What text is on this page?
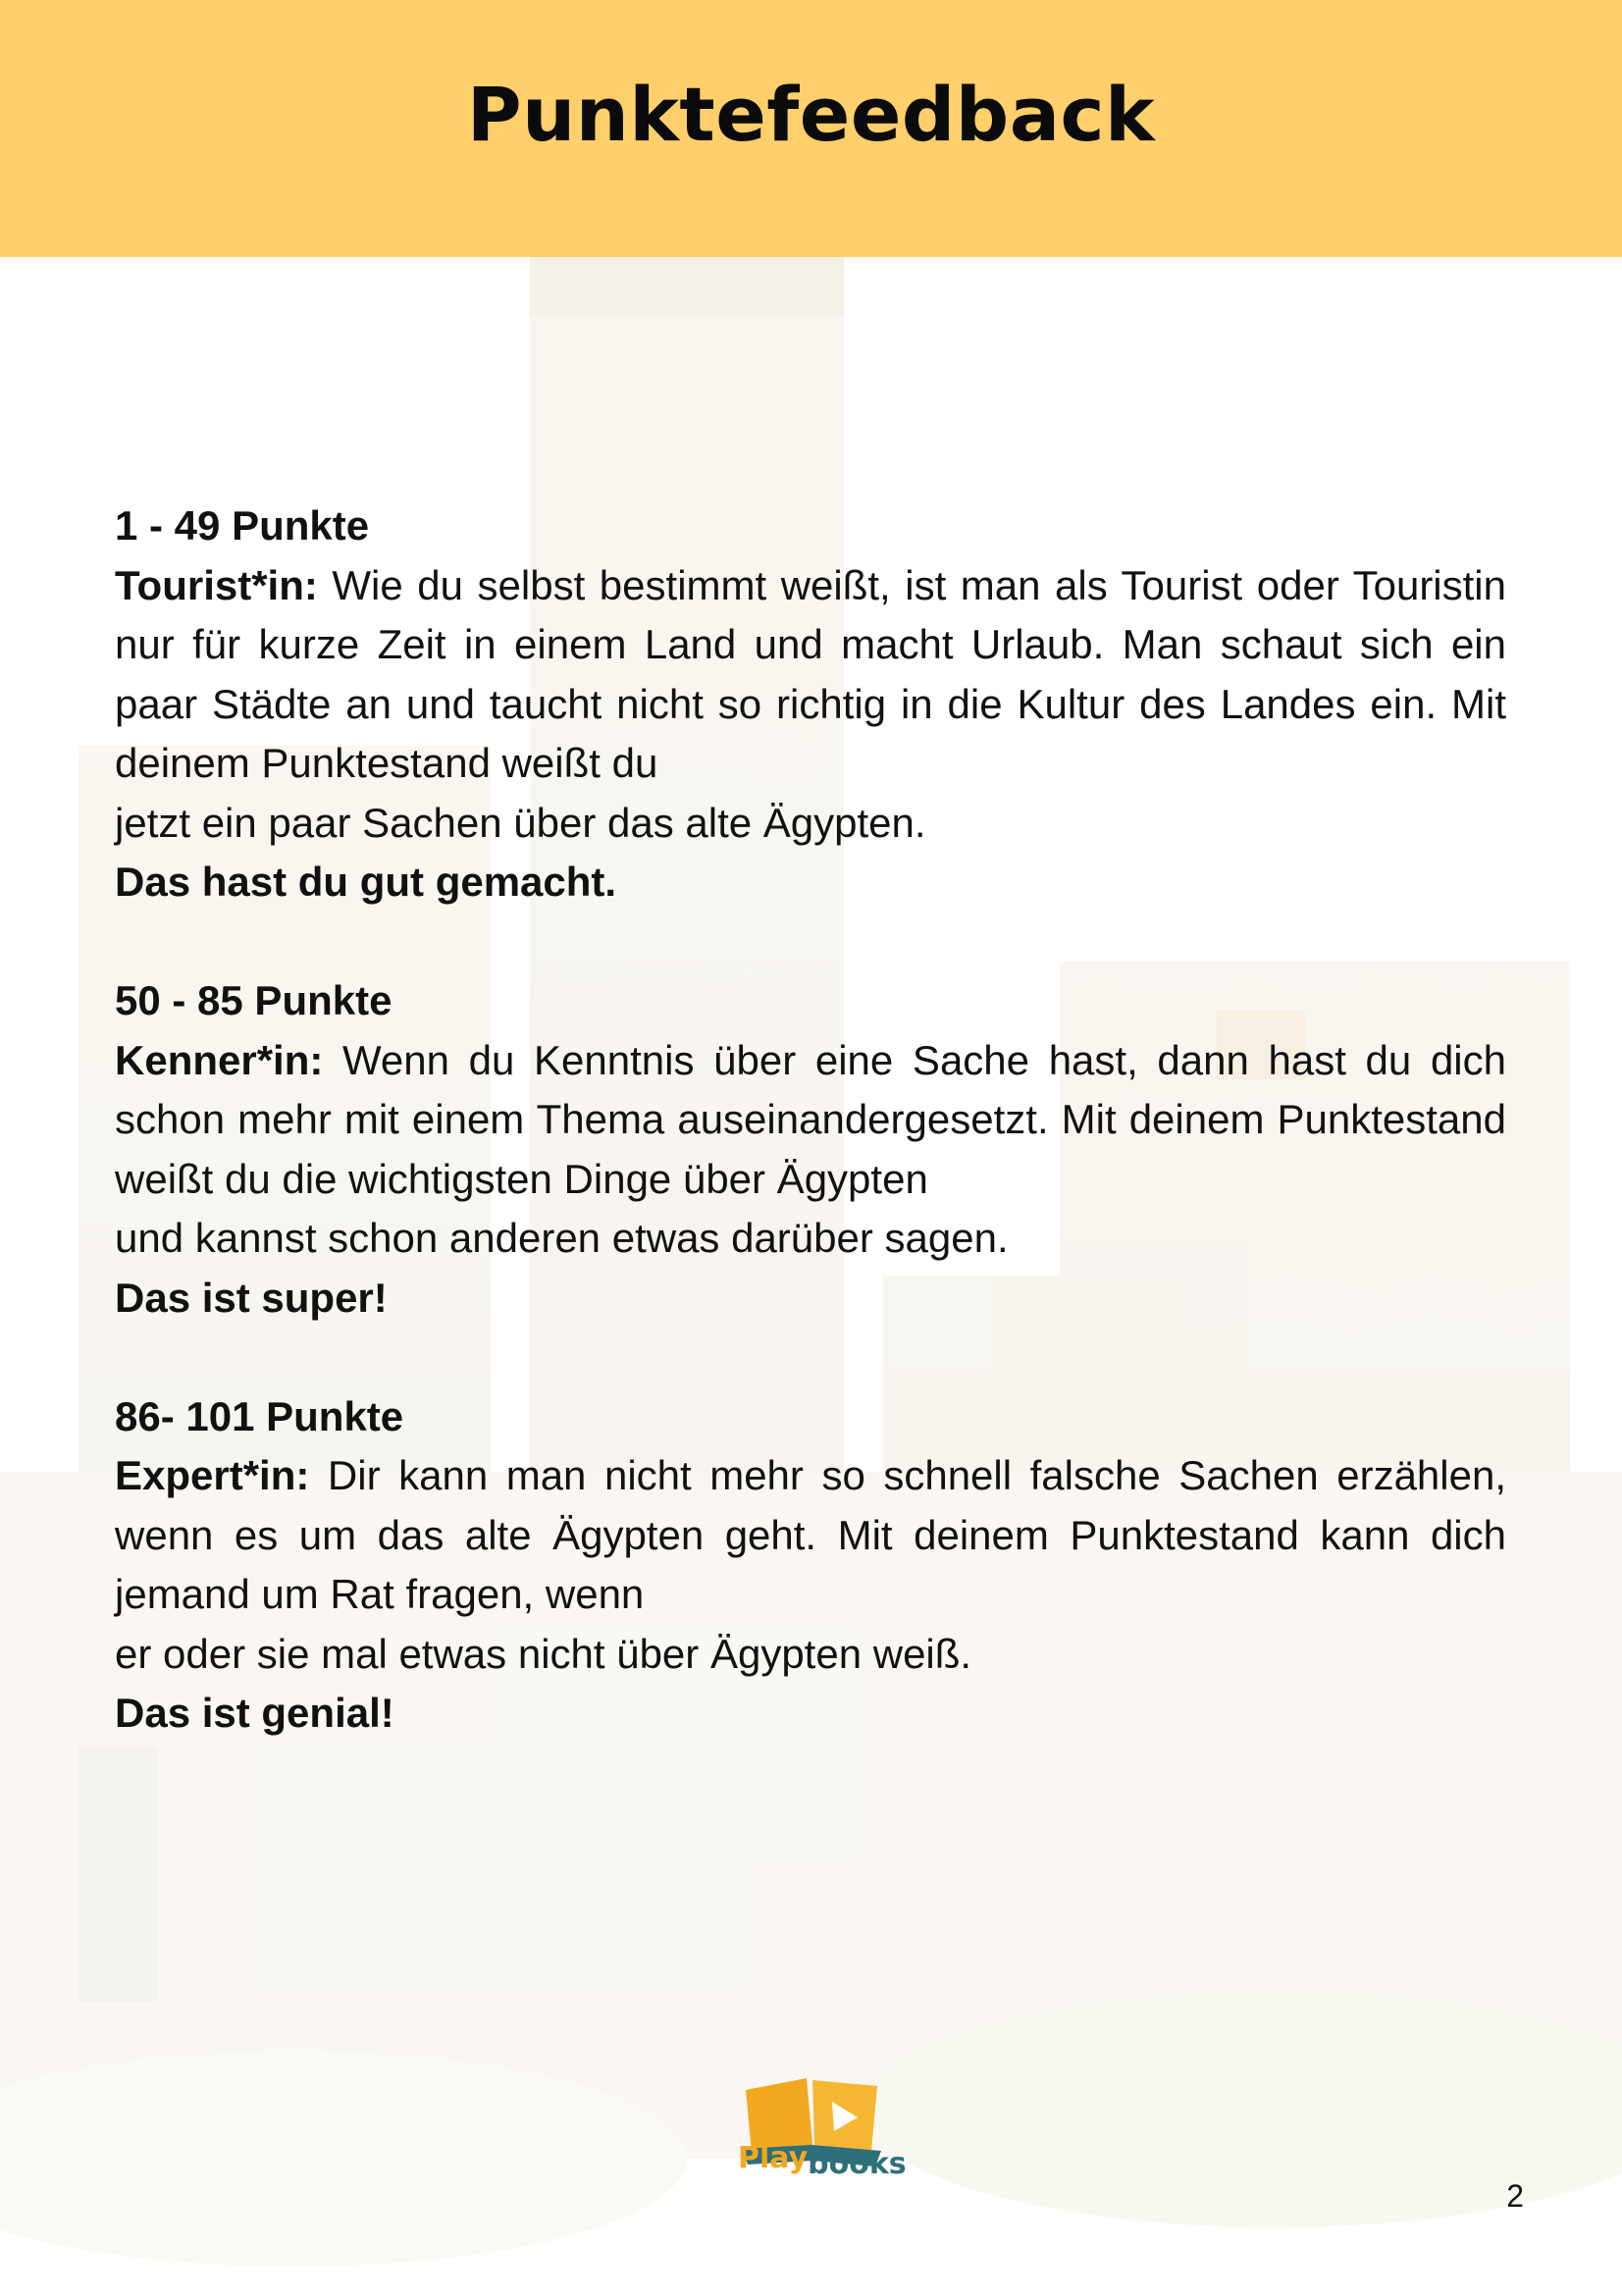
Punktefeedback
1 - 49 Punkte

Tourist*in: Wie du selbst bestimmt weißt, ist man als Tourist oder Touristin nur für kurze Zeit in einem Land und macht Urlaub. Man schaut sich ein paar Städte an und taucht nicht so richtig in die Kultur des Landes ein. Mit deinem Punktestand weißt du
jetzt ein paar Sachen über das alte Ägypten.

Das hast du gut gemacht.
50 - 85 Punkte

Kenner*in: Wenn du Kenntnis über eine Sache hast, dann hast du dich schon mehr mit einem Thema auseinandergesetzt. Mit deinem Punktestand weißt du die wichtigsten Dinge über Ägypten
und kannst schon anderen etwas darüber sagen.

Das ist super!
86- 101 Punkte

Expert*in: Dir kann man nicht mehr so schnell falsche Sachen erzählen, wenn es um das alte Ägypten geht. Mit deinem Punktestand kann dich jemand um Rat fragen, wenn
er oder sie mal etwas nicht über Ägypten weiß.

Das ist genial!
Playbooks
2
